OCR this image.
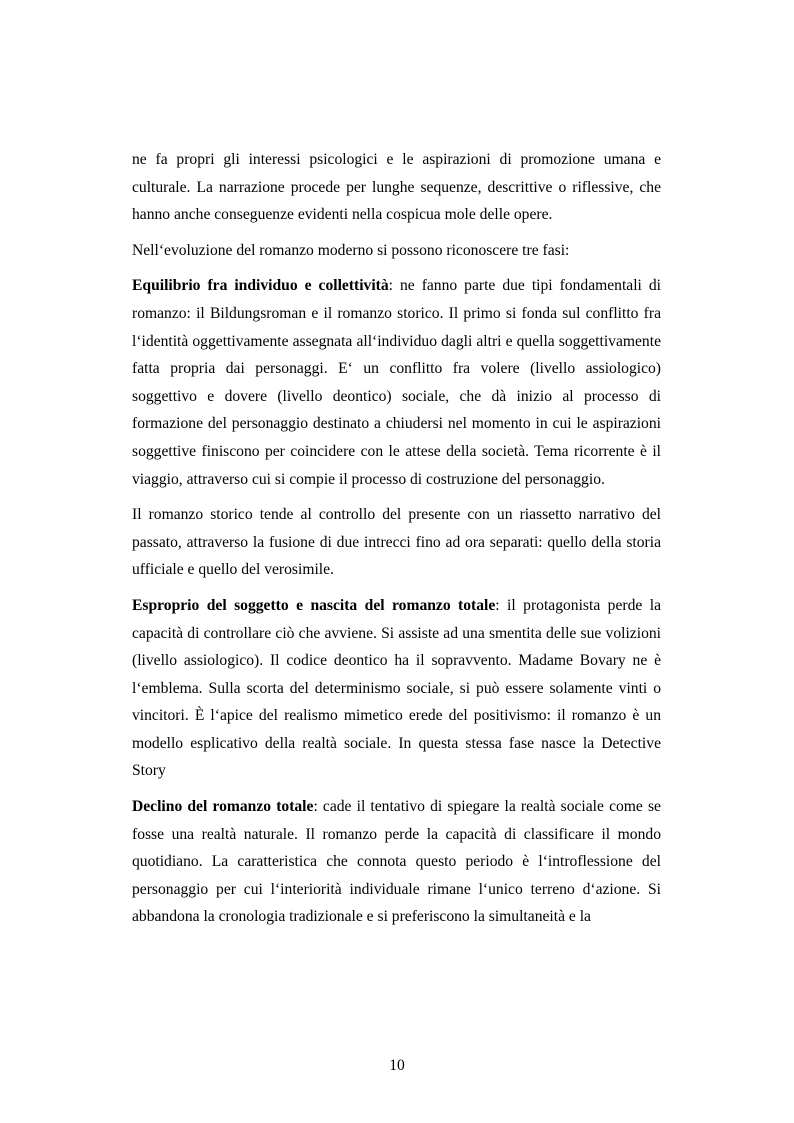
ne fa propri gli interessi psicologici e le aspirazioni di promozione umana e culturale. La narrazione procede per lunghe sequenze, descrittive o riflessive, che hanno anche conseguenze evidenti nella cospicua mole delle opere.

Nell‘evoluzione del romanzo moderno si possono riconoscere tre fasi:

Equilibrio fra individuo e collettività: ne fanno parte due tipi fondamentali di romanzo: il Bildungsroman e il romanzo storico. Il primo si fonda sul conflitto fra l‘identità oggettivamente assegnata all‘individuo dagli altri e quella soggettivamente fatta propria dai personaggi. E‘ un conflitto fra volere (livello assiologico) soggettivo e dovere (livello deontico) sociale, che dà inizio al processo di formazione del personaggio destinato a chiudersi nel momento in cui le aspirazioni soggettive finiscono per coincidere con le attese della società. Tema ricorrente è il viaggio, attraverso cui si compie il processo di costruzione del personaggio.

Il romanzo storico tende al controllo del presente con un riassetto narrativo del passato, attraverso la fusione di due intrecci fino ad ora separati: quello della storia ufficiale e quello del verosimile.

Esproprio del soggetto e nascita del romanzo totale: il protagonista perde la capacità di controllare ciò che avviene. Si assiste ad una smentita delle sue volizioni (livello assiologico). Il codice deontico ha il sopravvento. Madame Bovary ne è l‘emblema. Sulla scorta del determinismo sociale, si può essere solamente vinti o vincitori. È l‘apice del realismo mimetico erede del positivismo: il romanzo è un modello esplicativo della realtà sociale. In questa stessa fase nasce la Detective Story

Declino del romanzo totale: cade il tentativo di spiegare la realtà sociale come se fosse una realtà naturale. Il romanzo perde la capacità di classificare il mondo quotidiano. La caratteristica che connota questo periodo è l‘introflessione del personaggio per cui l‘interiorità individuale rimane l‘unico terreno d‘azione. Si abbandona la cronologia tradizionale e si preferiscono la simultaneità e la

10
